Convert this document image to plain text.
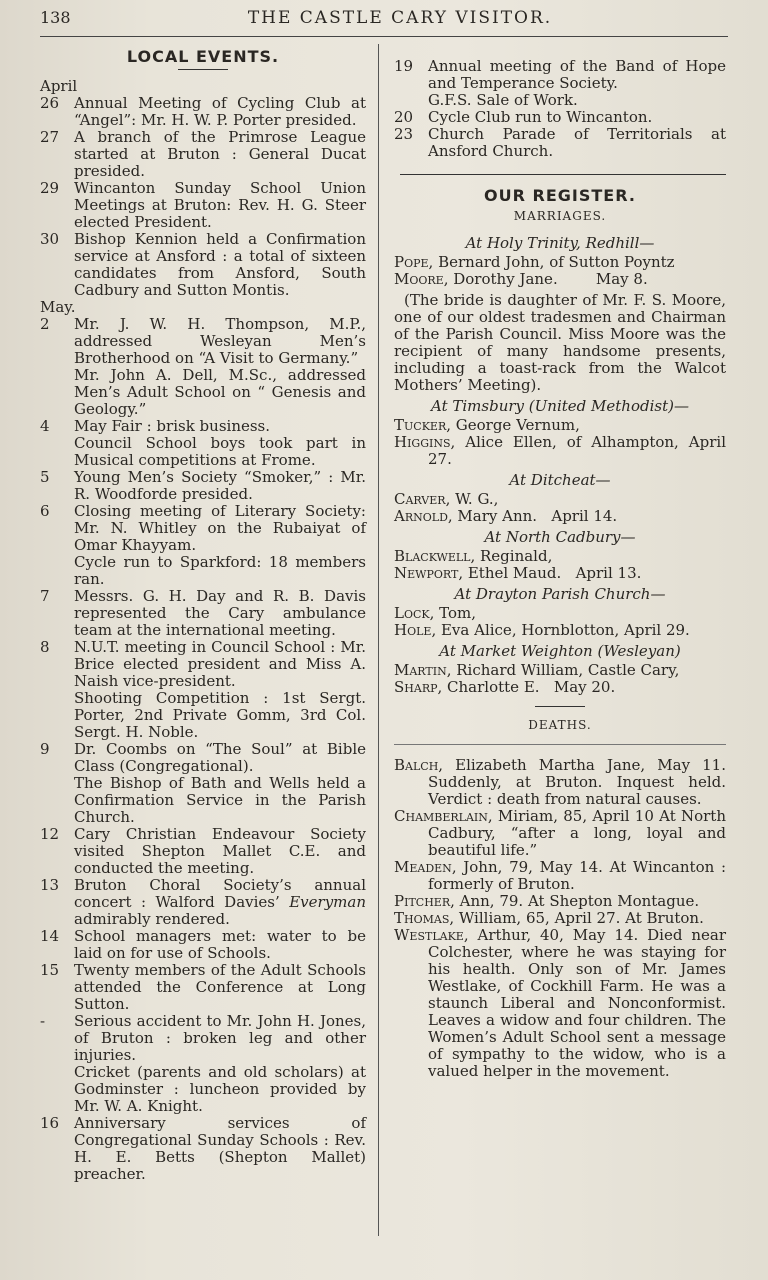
138	THE CASTLE CARY VISITOR.
LOCAL EVENTS.
April
26 Annual Meeting of Cycling Club at “Angel”: Mr. H. W. P. Porter presided.
27 A branch of the Primrose League started at Bruton : General Ducat presided.
29 Wincanton Sunday School Union Meetings at Bruton: Rev. H. G. Steer elected President.
30 Bishop Kennion held a Confirmation service at Ansford : a total of sixteen candidates from Ansford, South Cadbury and Sutton Montis.
May.
2	Mr. J. W. H. Thompson, M.P., addressed Wesleyan Men’s Brotherhood on “A Visit to Germany.”
Mr. John A. Dell, M.Sc., addressed Men’s Adult School on “ Genesis and Geology.”
4	May Fair : brisk business.
Council School boys took part in Musical competitions at Frome.
5	Young Men’s Society “Smoker,” : Mr. R. Woodforde presided.
6	Closing meeting of Literary Society: Mr. N. Whitley on the Rubaiyat of Omar Khayyam.
Cycle run to Sparkford: 18 members ran.
7	Messrs. G. H. Day and R. B. Davis represented the Cary ambulance team at the international meeting.
8	N.U.T. meeting in Council School : Mr. Brice elected president and Miss A. Naish vice-president.
Shooting Competition : 1st Sergt. Porter, 2nd Private Gomm, 3rd Col. Sergt. H. Noble.
9	Dr. Coombs on “The Soul” at Bible Class (Congregational).
The Bishop of Bath and Wells held a Confirmation Service in the Parish Church.
12 Cary Christian Endeavour Society visited Shepton Mallet C.E. and conducted the meeting.
13 Bruton Choral Society’s annual concert : Walford Davies’ Everyman admirably rendered.
14 School managers met: water to be laid on for use of Schools.
15 Twenty members of the Adult Schools attended the Conference at Long Sutton.
-	Serious accident to Mr. John H. Jones, of Bruton : broken leg and other injuries.
Cricket (parents and old scholars) at Godminster : luncheon provided by Mr. W. A. Knight.
16 Anniversary services of Congregational Sunday Schools : Rev. H. E. Betts (Shepton Mallet) preacher.
19 Annual meeting of the Band of Hope and Temperance Society.
G.F.S. Sale of Work.
20 Cycle Club run to Wincanton.
23 Church Parade of Territorials at Ansford Church.
OUR REGISTER.
MARRIAGES.
At Holy Trinity, Redhill—
Pope, Bernard John, of Sutton Poyntz
Moore, Dorothy Jane.        May 8.
(The bride is daughter of Mr. F. S. Moore, one of our oldest tradesmen and Chairman of the Parish Council. Miss Moore was the recipient of many handsome presents, including a toast-rack from the Walcot Mothers’ Meeting).
At Timsbury (United Methodist)—
Tucker, George Vernum,
Higgins, Alice Ellen, of Alhampton, April 27.
At Ditcheat—
Carver, W. G.,
Arnold, Mary Ann.   April 14.
At North Cadbury—
Blackwell, Reginald,
Newport, Ethel Maud.   April 13.
At Drayton Parish Church—
Lock, Tom,
Hole, Eva Alice, Hornblotton, April 29.
At Market Weighton (Wesleyan)
Martin, Richard William, Castle Cary,
Sharp, Charlotte E.   May 20.
DEATHS.
Balch, Elizabeth Martha Jane, May 11. Suddenly, at Bruton. Inquest held. Verdict : death from natural causes.
Chamberlain, Miriam, 85, April 10 At North Cadbury, “after a long, loyal and beautiful life.”
Meaden, John, 79, May 14. At Wincanton : formerly of Bruton.
Pitcher, Ann, 79. At Shepton Montague.
Thomas, William, 65, April 27. At Bruton.
Westlake, Arthur, 40, May 14. Died near Colchester, where he was staying for his health. Only son of Mr. James Westlake, of Cockhill Farm. He was a staunch Liberal and Nonconformist. Leaves a widow and four children. The Women’s Adult School sent a message of sympathy to the widow, who is a valued helper in the movement.
